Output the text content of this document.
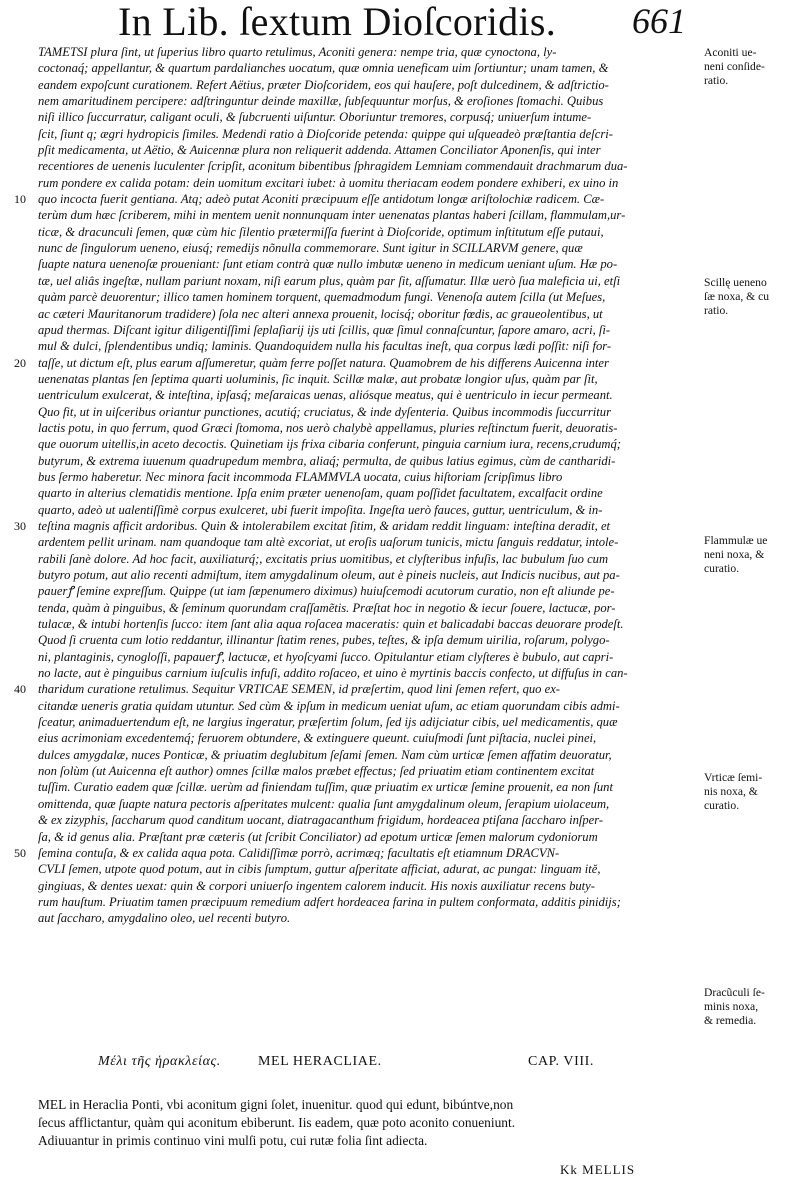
In Lib. ſextum Dioſcoridis. 661
TAMETSI plura ſint, ut ſuperius libro quarto retulimus, Aconiti genera: nempe tria, quæ cynoctona, ly-
coctonaq́; appellantur, & quartum pardalianches uocatum, quæ omnia ueneficam uim ſortiuntur; unam tamen, &
eandem expoſcunt curationem. Refert Aëtius, præter Dioſcoridem, eos qui hauſere, poſt dulcedinem, & adſtrictio-
nem amaritudinem percipere: adſtringuntur deinde maxillæ, ſubſequuntur morſus, & eroſiones ſtomachi. Quibus
niſi illico ſuccurratur, caligant oculi, & ſubcruenti uiſuntur. Oboriuntur tremores, corpusq́; uniuerſum intume-
ſcit, ſiunt q; ægri hydropicis ſimiles. Medendi ratio à Dioſcoride petenda: quippe qui uſqueadeò præſtantia deſcri-
pſit medicamenta, ut Aëtio, & Auicennæ plura non reliquerit addenda. Attamen Conciliator Aponenſis, qui inter
recentiores de uenenis luculenter ſcripſit, aconitum bibentibus ſphragidem Lemniam commendauit drachmarum dua-
rum pondere ex calida potam: dein uomitum excitari iubet: à uomitu theriacam eodem pondere exhiberi, ex uino in
10 quo incocta fuerit gentiana. Atq; adeò putat Aconiti præcipuum eſſe antidotum longæ ariſtolochiæ radicem. Cæ-
terùm dum hæc ſcriberem, mihi in mentem uenit nonnunquam inter uenenatas plantas haberi ſcillam, flammulam,ur-
ticæ, & dracunculi ſemen, quæ cùm hic ſilentio prætermiſſa fuerint à Dioſcoride, optimum inſtitutum eſſe putaui,
nunc de ſingulorum ueneno, eiusq́; remedijs nõnulla commemorare. Sunt igitur in SCILLARVM genere, quæ
ſuapte natura uenenoſæ proueniant: ſunt etiam contrà quæ nullo imbutæ ueneno in medicum ueniant uſum. Hæ po-
tæ, uel aliâs ingeſtæ, nullam pariunt noxam, niſi earum plus, quàm par ſit, aſſumatur. Illæ uerò ſua maleficia ui, etſi
quàm parcè deuorentur; illico tamen hominem torquent, quemadmodum fungi. Venenoſa autem ſcilla (ut Meſues,
ac cæteri Mauritanorum tradidere) ſola nec alteri annexa prouenit, locisq́; oboritur fœdis, ac graueolentibus, ut
apud thermas. Diſcant igitur diligentiſſimi ſeplaſiarij ijs uti ſcillis, quæ ſimul connaſcuntur, ſapore amaro, acri, ſi-
mul & dulci, ſplendentibus undiq; laminis. Quandoquidem nulla his facultas ineſt, qua corpus lædi poſſit: niſi for-
20 taſſe, ut dictum eſt, plus earum aſſumeretur, quàm ferre poſſet natura. Quamobrem de his differens Auicenna inter
uenenatas plantas ſen ſeptima quarti uoluminis, ſic inquit. Scillæ malæ, aut probatæ longior uſus, quàm par ſit,
uentriculum exulcerat, & inteſtina, ipſasq́; meſaraicas uenas, aliósque meatus, qui è uentriculo in iecur permeant.
Quo fit, ut in uiſceribus oriantur punctiones, acutiq́; cruciatus, & inde dyſenteria. Quibus incommodis ſuccurritur
lactis potu, in quo ferrum, quod Græci ſtomoma, nos uerò chalybè appellamus, pluries reſtinctum fuerit, deuoratis-
que ouorum uitellis,in aceto decoctis. Quinetiam ijs frixa cibaria conferunt, pinguia carnium iura, recens,crudumq́;
butyrum, & extrema iuuenum quadrupedum membra, aliaq́; permulta, de quibus latius egimus, cùm de cantharidi-
bus ſermo haberetur. Nec minora facit incommoda FLAMMVLA uocata, cuius hiſtoriam ſcripſimus libro
quarto in alterius clematidis mentione. Ipſa enim præter uenenoſam, quam poſſidet facultatem, excalfacit ordine
quarto, adeò ut ualentiſſimè corpus exulceret, ubi fuerit impoſita. Ingeſta uerò fauces, guttur, uentriculum, & in-
30 teſtina magnis afficit ardoribus. Quin & intolerabilem excitat ſitim, & aridam reddit linguam: inteſtina deradit, et
ardentem pellit urinam. nam quandoque tam altè excoriat, ut eroſis uaſorum tunicis, mictu ſanguis reddatur, intole-
rabili ſanè dolore. Ad hoc facit, auxiliaturq́;, excitatis prius uomitibus, et clyſteribus infuſis, lac bubulum ſuo cum
butyro potum, aut alio recenti admiſtum, item amygdalinum oleum, aut è pineis nucleis, aut Indicis nucibus, aut pa-
pauerꝭ ſemine expreſſum. Quippe (ut iam ſæpenumero diximus) huiuſcemodi acutorum curatio, non eſt aliunde pe-
tenda, quàm à pinguibus, & ſeminum quorundam craſſamẽtis. Præſtat hoc in negotio & iecur ſouere, lactucæ, por-
tulacæ, & intubi hortenſis ſucco: item ſant alia aqua roſacea maceratis: quin et balicadabi baccas deuorare prodeſt.
Quod ſi cruenta cum lotio reddantur, illinantur ſtatim renes, pubes, teſtes, & ipſa demum uirilia, roſarum, polygo-
ni, plantaginis, cynogloſſi, papauerꝭ, lactucæ, et hyoſcyami ſucco. Opitulantur etiam clyſteres è bubulo, aut capri-
no lacte, aut è pinguibus carnium iuſculis infuſi, addito roſaceo, et uino è myrtinis baccis confecto, ut diffuſus in can-
40 tharidum curatione retulimus. Sequitur VRTICAE SEMEN, id præſertim, quod lini ſemen refert, quo ex-
citandæ ueneris gratia quidam utuntur. Sed cùm & ipſum in medicum ueniat uſum, ac etiam quorundam cibis admi-
ſceatur, animaduertendum eſt, ne largius ingeratur, præſertim ſolum, ſed ijs adijciatur cibis, uel medicamentis, quæ
eius acrimoniam excedentemq́; feruorem obtundere, & extinguere queunt. cuiuſmodi ſunt piſtacia, nuclei pinei,
dulces amygdalæ, nuces Ponticæ, & priuatim deglubitum ſeſami ſemen. Nam cùm urticæ ſemen affatim deuoratur,
non ſolùm (ut Auicenna eſt author) omnes ſcillæ malos præbet effectus; ſed priuatim etiam continentem excitat
tuſſim. Curatio eadem quæ ſcillæ. uerùm ad finiendam tuſſim, quæ priuatim ex urticæ ſemine prouenit, ea non ſunt
omittenda, quæ ſuapte natura pectoris aſperitates mulcent: qualia ſunt amygdalinum oleum, ſerapium uiolaceum,
& ex zizyphis, ſaccharum quod canditum uocant, diatragacanthum frigidum, hordeacea ptiſana ſaccharo inſper-
ſa, & id genus alia. Præſtant præ cæteris (ut ſcribit Conciliator) ad epotum urticæ ſemen malorum cydoniorum
50 ſemina contuſa, & ex calida aqua pota. Calidiſſimæ porrò, acrimæq; facultatis eſt etiamnum DRACVN-
CVLI ſemen, utpote quod potum, aut in cibis ſumptum, guttur aſperitate afficiat, adurat, ac pungat: linguam itě,
gingiuas, & dentes uexat: quin & corpori uniuerſo ingentem calorem inducit. His noxis auxiliatur recens buty-
rum hauſtum. Priuatim tamen præcipuum remedium adfert hordeacea farina in pultem conformata, additis pinidijs;
aut ſaccharo, amygdalino oleo, uel recenti butyro.
Aconiti ue-
neni conſide-
ratio.
Scillę ueneno
ſæ noxa, & cu
ratio.
Flammulæ ue
neni noxa, &
curatio.
Vrticæ ſemi-
nis noxa, &
curatio.
Dracũculi ſe-
minis noxa,
& remedia.
Μέλι τῆς ἡρακλείας.	MEL HERACLIAE.	CAP. VIII.
MEL in Heraclia Ponti, vbi aconitum gigni ſolet, inuenitur. quod qui edunt, bibúntve,non
ſecus afflictantur, quàm qui aconitum ebiberunt. Iis eadem, quæ poto aconito conueniunt.
Adiuuantur in primis continuo vini mulſi potu, cui rutæ folia ſint adiecta.
Kk MELLIS
